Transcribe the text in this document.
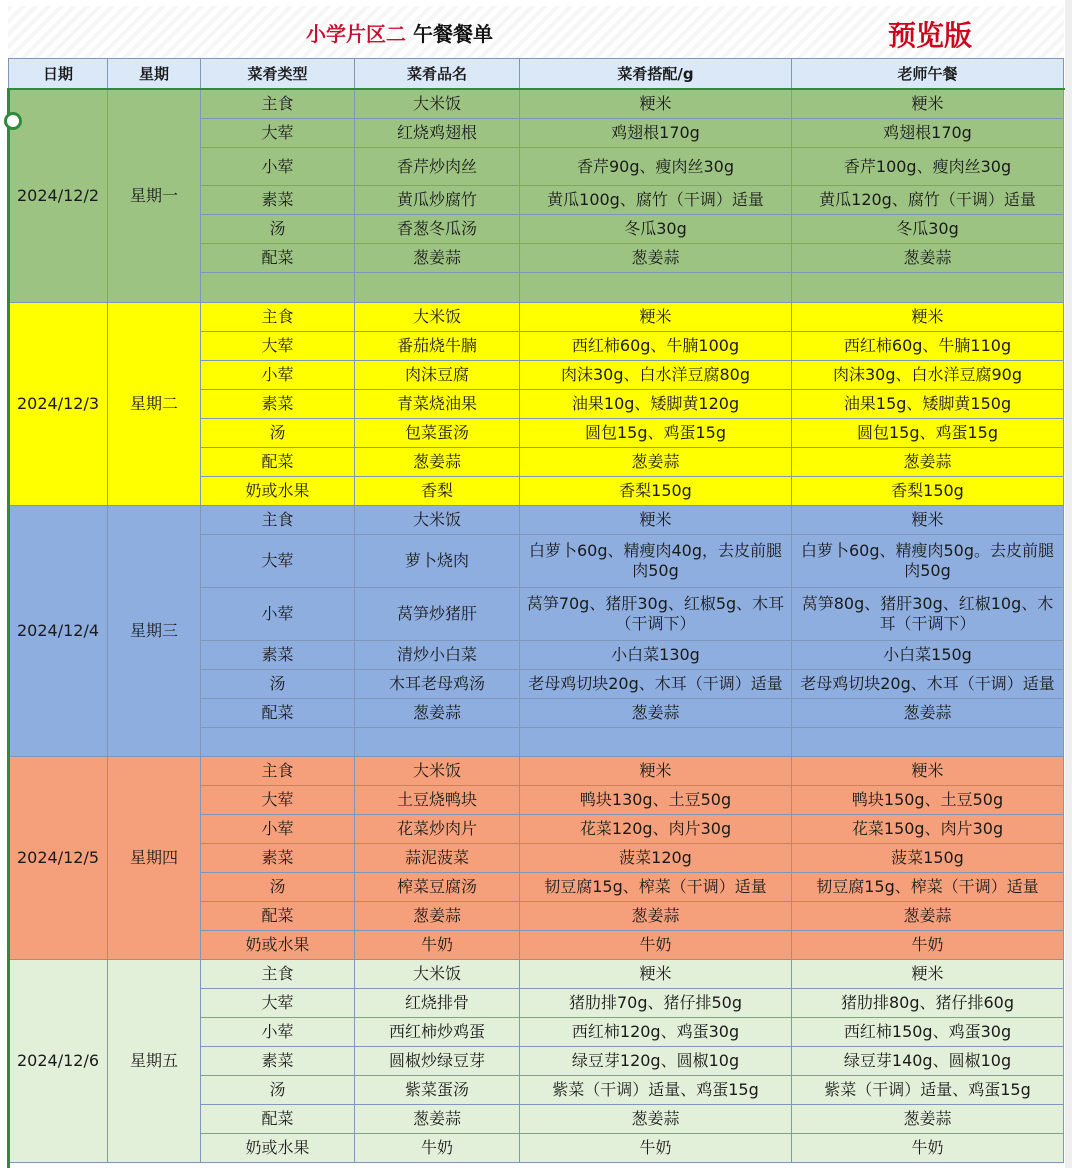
小学片区二 午餐餐单	预览版
日期	星期	菜肴类型	菜肴品名	菜肴搭配/g	老师午餐
2024/12/2	星期一	主食	大米饭	粳米	粳米
		大荤	红烧鸡翅根	鸡翅根170g	鸡翅根170g
		小荤	香芹炒肉丝	香芹90g、瘦肉丝30g	香芹100g、瘦肉丝30g
		素菜	黄瓜炒腐竹	黄瓜100g、腐竹（干调）适量	黄瓜120g、腐竹（干调）适量
		汤	香葱冬瓜汤	冬瓜30g	冬瓜30g
		配菜	葱姜蒜	葱姜蒜	葱姜蒜

2024/12/3	星期二	主食	大米饭	粳米	粳米
		大荤	番茄烧牛腩	西红柿60g、牛腩100g	西红柿60g、牛腩110g
		小荤	肉沫豆腐	肉沫30g、白水洋豆腐80g	肉沫30g、白水洋豆腐90g
		素菜	青菜烧油果	油果10g、矮脚黄120g	油果15g、矮脚黄150g
		汤	包菜蛋汤	圆包15g、鸡蛋15g	圆包15g、鸡蛋15g
		配菜	葱姜蒜	葱姜蒜	葱姜蒜
		奶或水果	香梨	香梨150g	香梨150g
2024/12/4	星期三	主食	大米饭	粳米	粳米
		大荤	萝卜烧肉	白萝卜60g、精瘦肉40g，去皮前腿肉50g	白萝卜60g、精瘦肉50g。去皮前腿肉50g
		小荤	莴笋炒猪肝	莴笋70g、猪肝30g、红椒5g、木耳（干调下）	莴笋80g、猪肝30g、红椒10g、木耳（干调下）
		素菜	清炒小白菜	小白菜130g	小白菜150g
		汤	木耳老母鸡汤	老母鸡切块20g、木耳（干调）适量	老母鸡切块20g、木耳（干调）适量
		配菜	葱姜蒜	葱姜蒜	葱姜蒜

2024/12/5	星期四	主食	大米饭	粳米	粳米
		大荤	土豆烧鸭块	鸭块130g、土豆50g	鸭块150g、土豆50g
		小荤	花菜炒肉片	花菜120g、肉片30g	花菜150g、肉片30g
		素菜	蒜泥菠菜	菠菜120g	菠菜150g
		汤	榨菜豆腐汤	韧豆腐15g、榨菜（干调）适量	韧豆腐15g、榨菜（干调）适量
		配菜	葱姜蒜	葱姜蒜	葱姜蒜
		奶或水果	牛奶	牛奶	牛奶
2024/12/6	星期五	主食	大米饭	粳米	粳米
		大荤	红烧排骨	猪肋排70g、猪仔排50g	猪肋排80g、猪仔排60g
		小荤	西红柿炒鸡蛋	西红柿120g、鸡蛋30g	西红柿150g、鸡蛋30g
		素菜	圆椒炒绿豆芽	绿豆芽120g、圆椒10g	绿豆芽140g、圆椒10g
		汤	紫菜蛋汤	紫菜（干调）适量、鸡蛋15g	紫菜（干调）适量、鸡蛋15g
		配菜	葱姜蒜	葱姜蒜	葱姜蒜
		奶或水果	牛奶	牛奶	牛奶
